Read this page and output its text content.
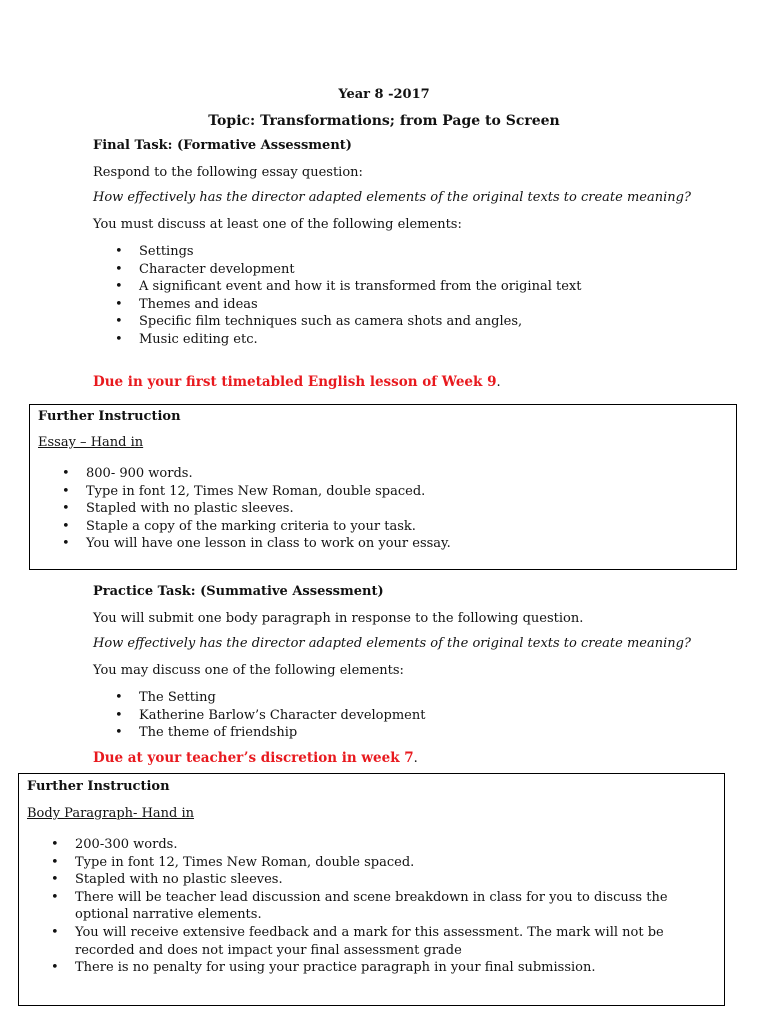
Year 8 -2017
Topic: Transformations; from Page to Screen
Final Task: (Formative Assessment)
Respond to the following essay question:
How effectively has the director adapted elements of the original texts to create meaning?
You must discuss at least one of the following elements:
• Settings
• Character development
• A significant event and how it is transformed from the original text
• Themes and ideas
• Specific film techniques such as camera shots and angles,
• Music editing etc.
Due in your first timetabled English lesson of Week 9.
Further Instruction
Essay – Hand in
• 800- 900 words.
• Type in font 12, Times New Roman, double spaced.
• Stapled with no plastic sleeves.
• Staple a copy of the marking criteria to your task.
• You will have one lesson in class to work on your essay.
Practice Task: (Summative Assessment)
You will submit one body paragraph in response to the following question.
How effectively has the director adapted elements of the original texts to create meaning?
You may discuss one of the following elements:
• The Setting
• Katherine Barlow’s Character development
• The theme of friendship
Due at your teacher’s discretion in week 7.
Further Instruction
Body Paragraph- Hand in
• 200-300 words.
• Type in font 12, Times New Roman, double spaced.
• Stapled with no plastic sleeves.
• There will be teacher lead discussion and scene breakdown in class for you to discuss the optional narrative elements.
• You will receive extensive feedback and a mark for this assessment. The mark will not be recorded and does not impact your final assessment grade
• There is no penalty for using your practice paragraph in your final submission.
